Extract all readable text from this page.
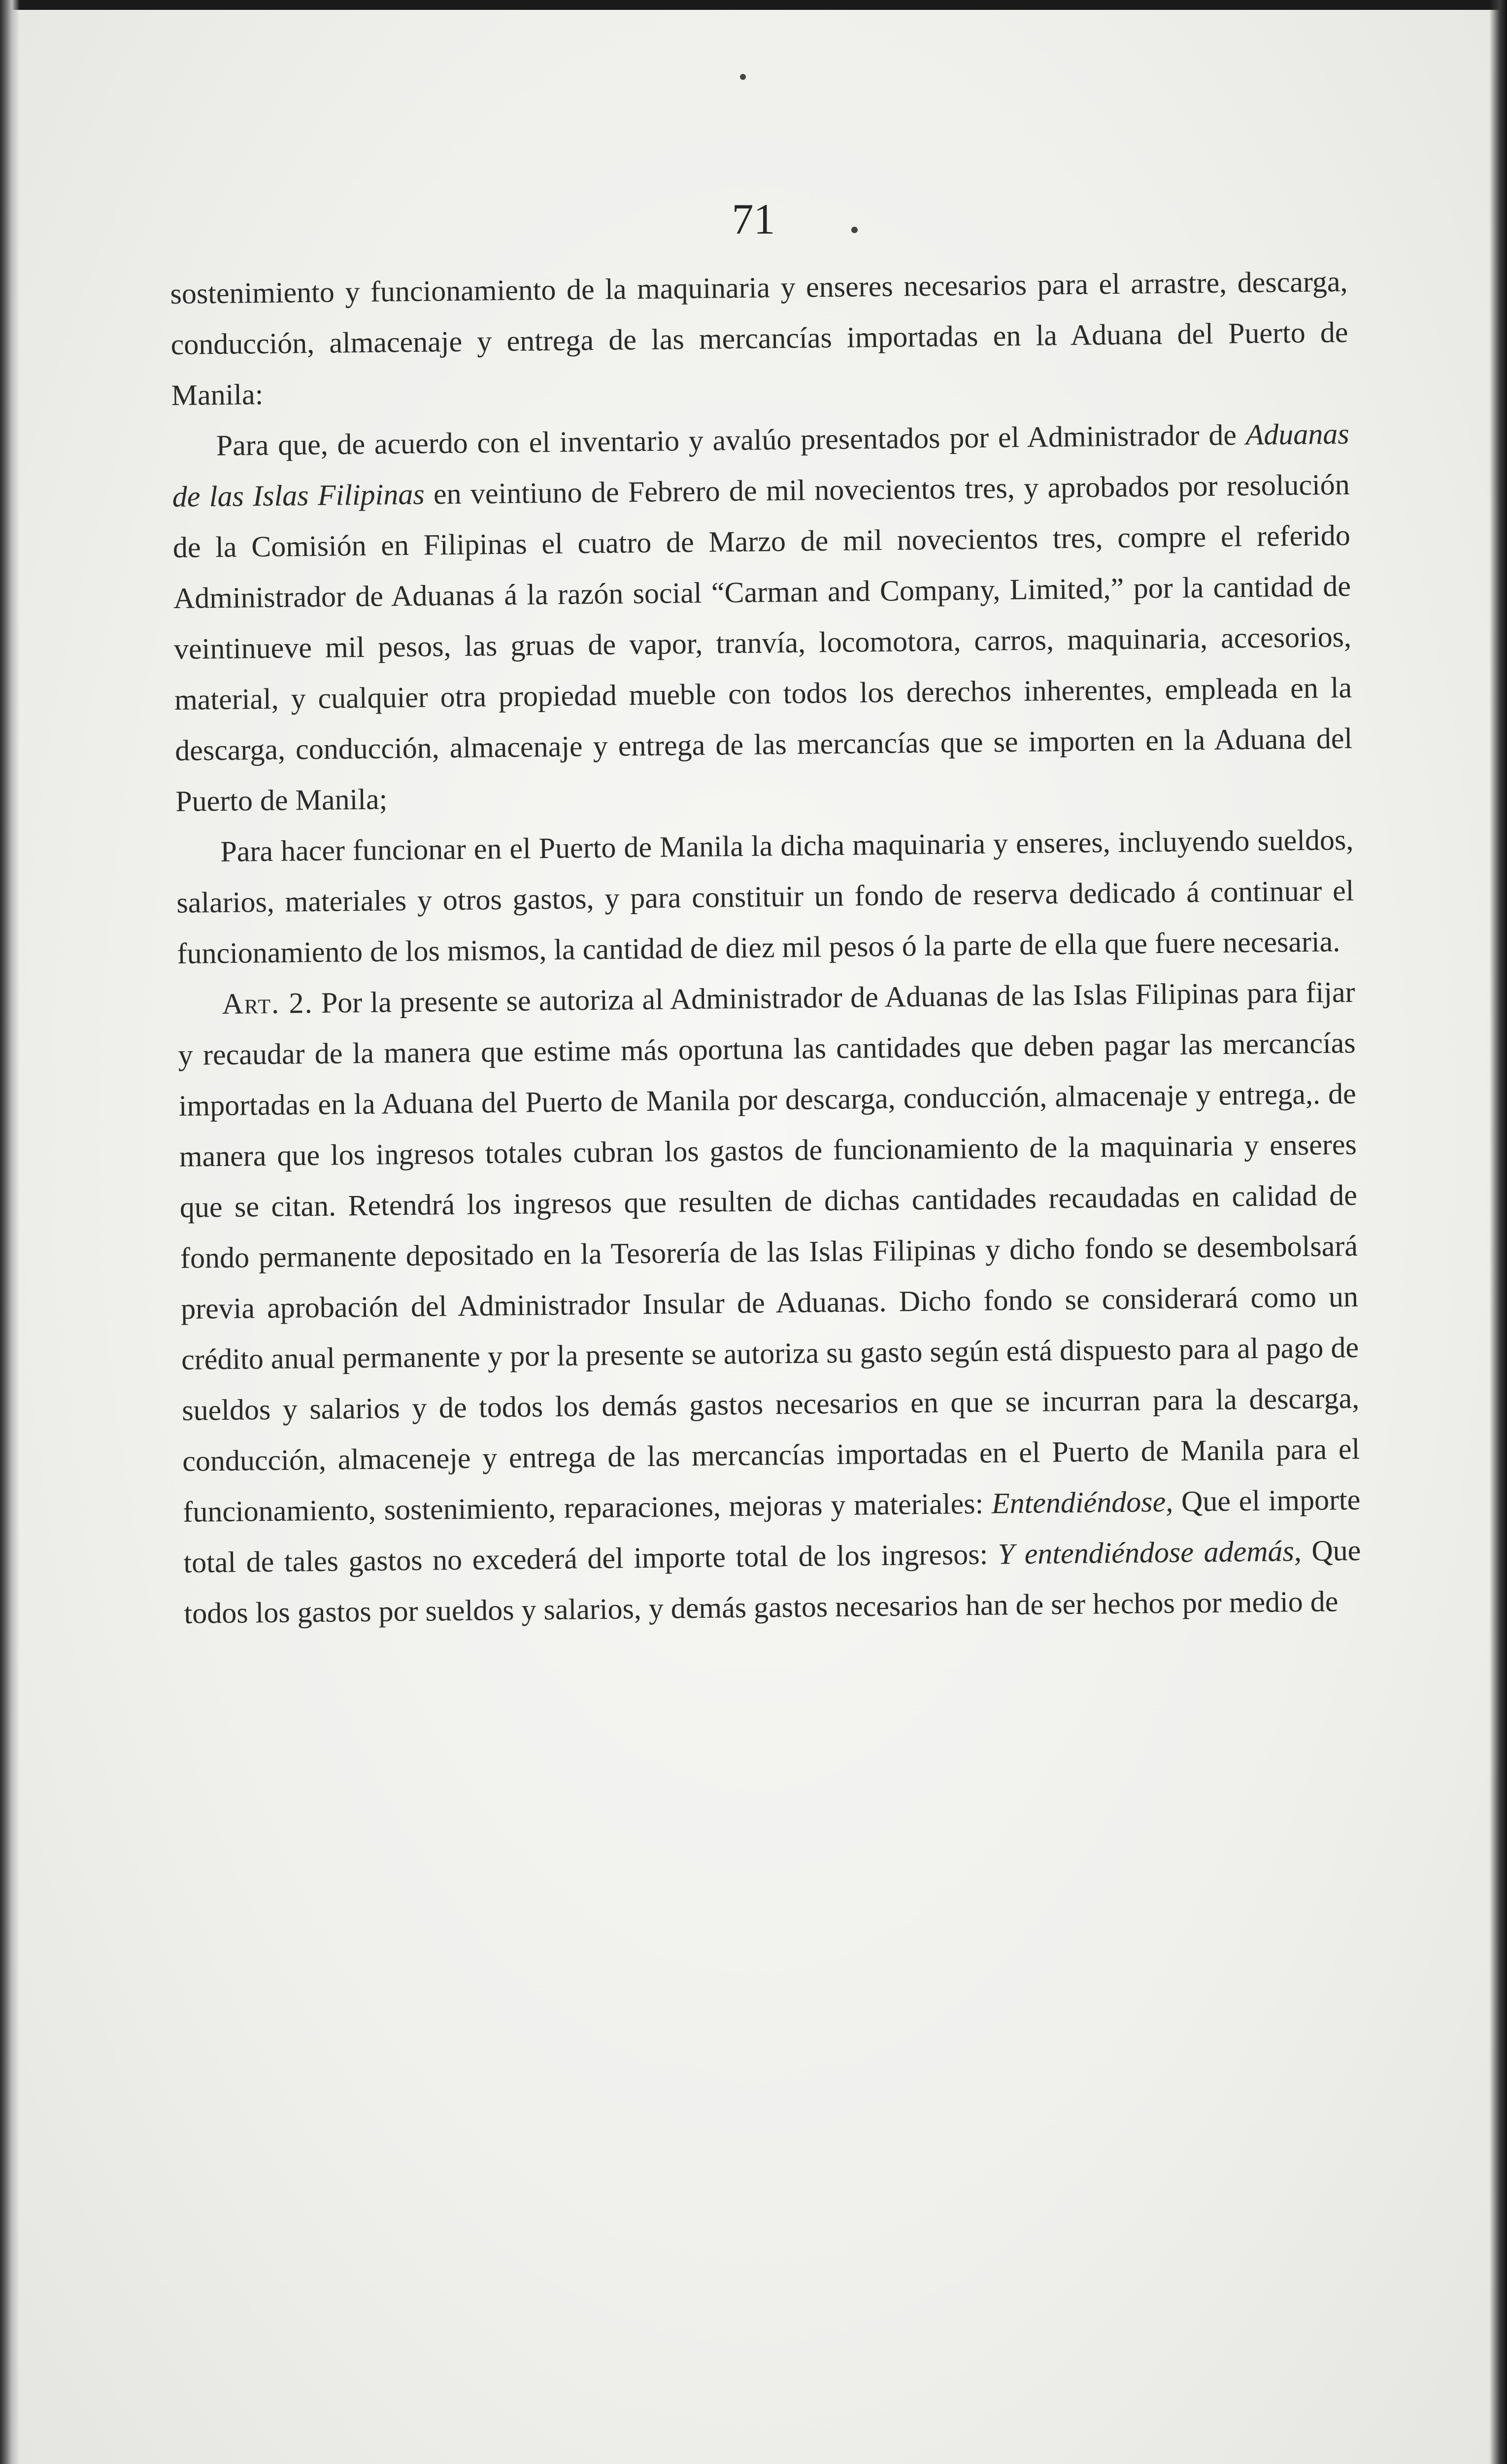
71

sostenimiento y funcionamiento de la maquinaria y enseres necesarios para el arrastre, descarga, conducción, almacenaje y entrega de las mercancías importadas en la Aduana del Puerto de Manila:

Para que, de acuerdo con el inventario y avalúo presentados por el Administrador de Aduanas de las Islas Filipinas en veintiuno de Febrero de mil novecientos tres, y aprobados por resolución de la Comisión en Filipinas el cuatro de Marzo de mil novecientos tres, compre el referido Administrador de Aduanas á la razón social “Carman and Company, Limited,” por la cantidad de veintinueve mil pesos, las gruas de vapor, tranvía, locomotora, carros, maquinaria, accesorios, material, y cualquier otra propiedad mueble con todos los derechos inherentes, empleada en la descarga, conducción, almacenaje y entrega de las mercancías que se importen en la Aduana del Puerto de Manila;

Para hacer funcionar en el Puerto de Manila la dicha maquinaria y enseres, incluyendo sueldos, salarios, materiales y otros gastos, y para constituir un fondo de reserva dedicado á continuar el funcionamiento de los mismos, la cantidad de diez mil pesos ó la parte de ella que fuere necesaria.

Art. 2. Por la presente se autoriza al Administrador de Aduanas de las Islas Filipinas para fijar y recaudar de la manera que estime más oportuna las cantidades que deben pagar las mercancías importadas en la Aduana del Puerto de Manila por descarga, conducción, almacenaje y entrega,. de manera que los ingresos totales cubran los gastos de funcionamiento de la maquinaria y enseres que se citan. Retendrá los ingresos que resulten de dichas cantidades recaudadas en calidad de fondo permanente depositado en la Tesorería de las Islas Filipinas y dicho fondo se desembolsará previa aprobación del Administrador Insular de Aduanas. Dicho fondo se considerará como un crédito anual permanente y por la presente se autoriza su gasto según está dispuesto para al pago de sueldos y salarios y de todos los demás gastos necesarios en que se incurran para la descarga, conducción, almaceneje y entrega de las mercancías importadas en el Puerto de Manila para el funcionamiento, sostenimiento, reparaciones, mejoras y materiales: Entendiéndose, Que el importe total de tales gastos no excederá del importe total de los ingresos: Y entendiéndose además, Que todos los gastos por sueldos y salarios, y demás gastos necesarios han de ser hechos por medio de
